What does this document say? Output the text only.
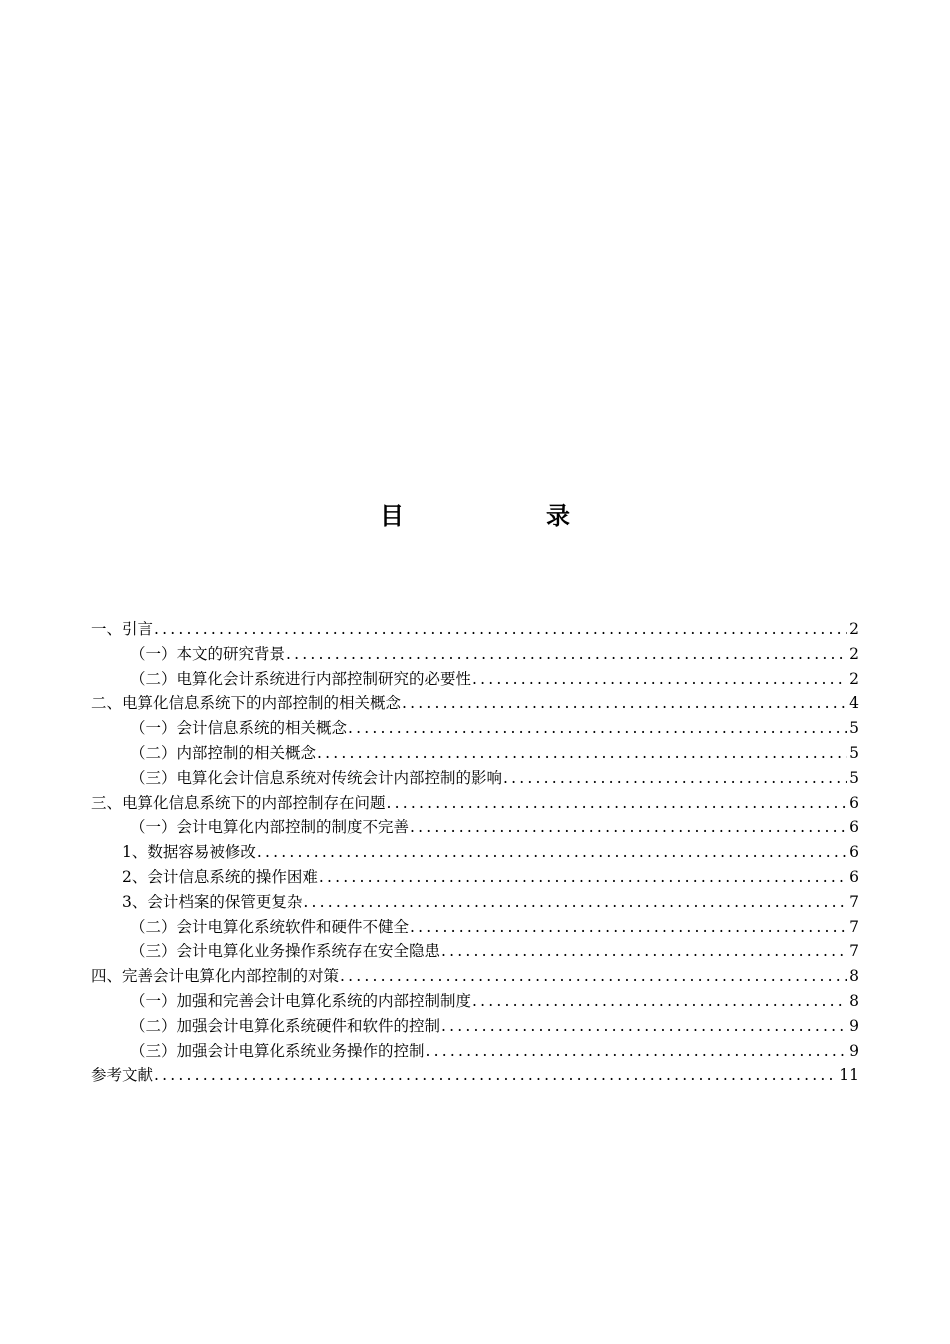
目	录
一、引言 .....	2
（一）本文的研究背景 .....	2
（二）电算化会计系统进行内部控制研究的必要性 .....	2
二、电算化信息系统下的内部控制的相关概念 .....	4
（一）会计信息系统的相关概念 .....	5
（二）内部控制的相关概念 .....	5
（三）电算化会计信息系统对传统会计内部控制的影响 .....	5
三、电算化信息系统下的内部控制存在问题 .....	6
（一）会计电算化内部控制的制度不完善 .....	6
1、数据容易被修改 .....	6
2、会计信息系统的操作困难 .....	6
3、会计档案的保管更复杂 .....	7
（二）会计电算化系统软件和硬件不健全 .....	7
（三）会计电算化业务操作系统存在安全隐患 .....	7
四、完善会计电算化内部控制的对策 .....	8
（一）加强和完善会计电算化系统的内部控制制度 .....	8
（二）加强会计电算化系统硬件和软件的控制 .....	9
（三）加强会计电算化系统业务操作的控制 .....	9
参考文献 .....	11
